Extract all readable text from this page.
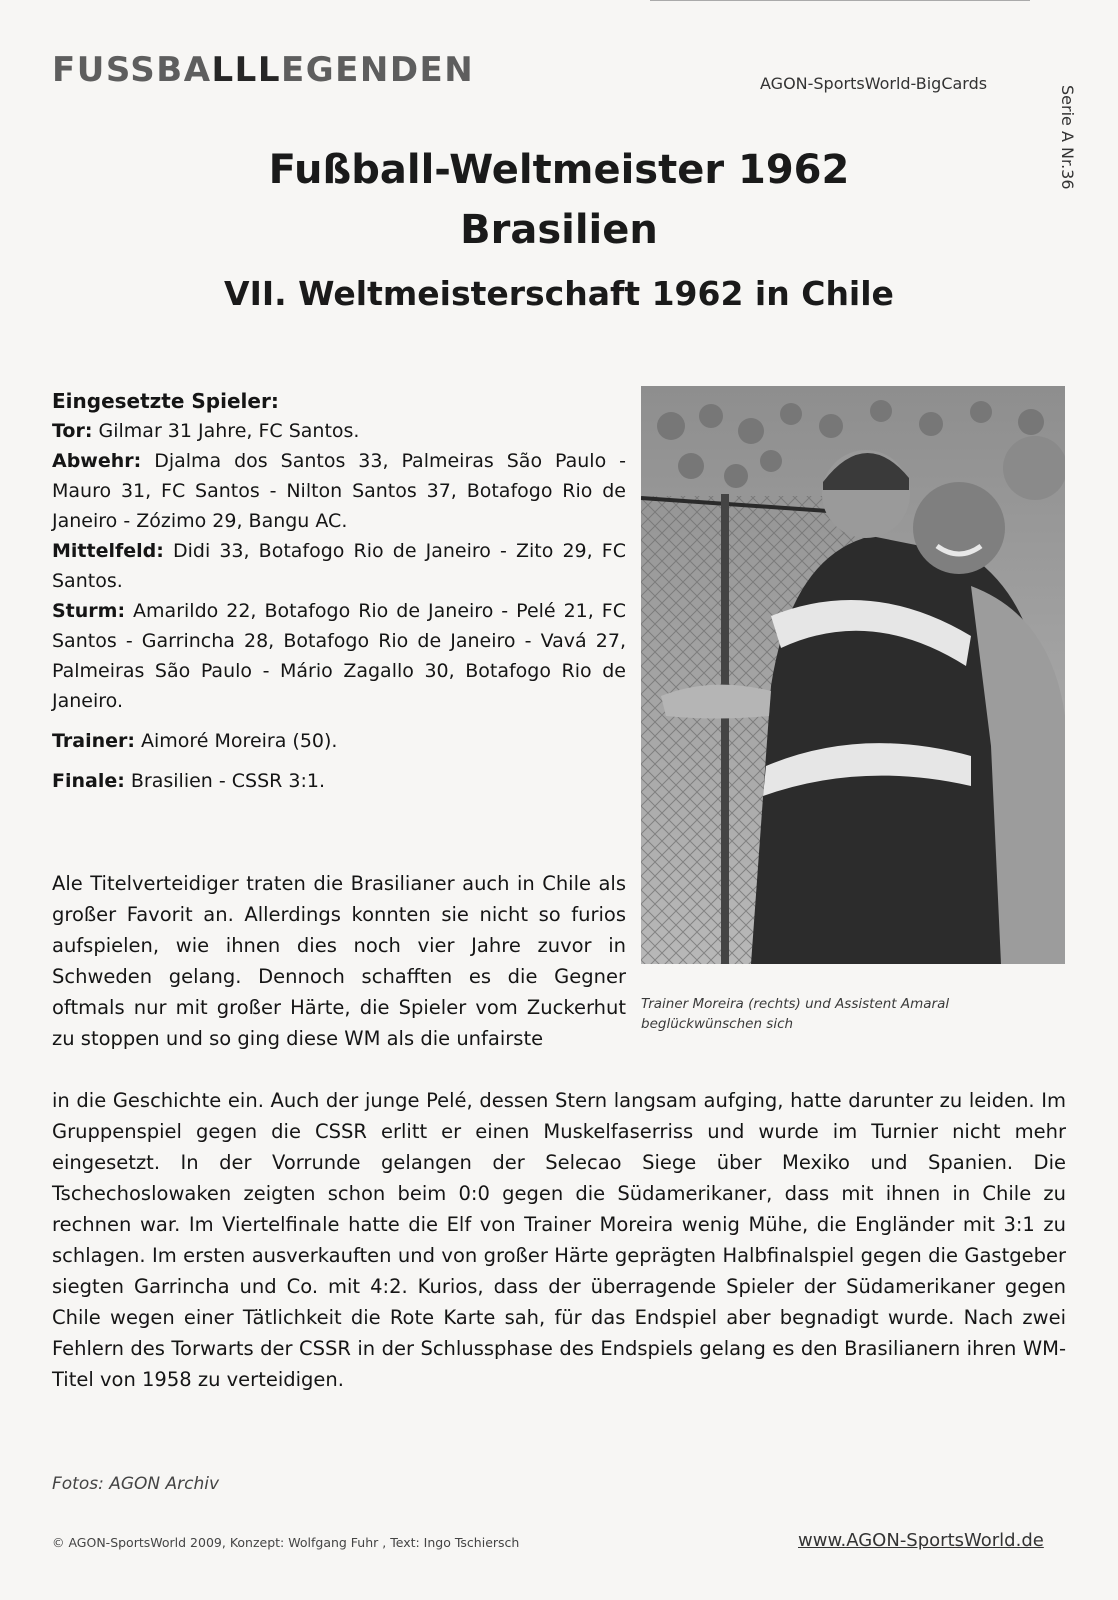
FUSSBALLLEGENDEN	AGON-SportsWorld-BigCards
Serie A Nr.36
Fußball-Weltmeister 1962
Brasilien
VII. Weltmeisterschaft 1962 in Chile

Eingesetzte Spieler:

Tor: Gilmar 31 Jahre, FC Santos.

Abwehr: Djalma dos Santos 33, Palmeiras São Paulo - Mauro 31, FC Santos - Nilton Santos 37, Botafogo Rio de Janeiro - Zózimo 29, Bangu AC.

Mittelfeld: Didi 33, Botafogo Rio de Janeiro - Zito 29, FC Santos.

Sturm: Amarildo 22, Botafogo Rio de Janeiro - Pelé 21, FC Santos - Garrincha 28, Botafogo Rio de Janeiro - Vavá 27, Palmeiras São Paulo - Mário Zagallo 30, Botafogo Rio de Janeiro.

Trainer: Aimoré Moreira (50).

Finale: Brasilien - CSSR 3:1.

Ale Titelverteidiger traten die Brasilianer auch in Chile als großer Favorit an. Allerdings konnten sie nicht so furios aufspielen, wie ihnen dies noch vier Jahre zuvor in Schweden gelang. Dennoch schafften es die Gegner oftmals nur mit großer Härte, die Spieler vom Zuckerhut zu stoppen und so ging diese WM als die unfairste

in die Geschichte ein. Auch der junge Pelé, dessen Stern langsam aufging, hatte darunter zu leiden. Im Gruppenspiel gegen die CSSR erlitt er einen Muskelfaserriss und wurde im Turnier nicht mehr eingesetzt. In der Vorrunde gelangen der Selecao Siege über Mexiko und Spanien. Die Tschechoslowaken zeigten schon beim 0:0 gegen die Südamerikaner, dass mit ihnen in Chile zu rechnen war. Im Viertelfinale hatte die Elf von Trainer Moreira wenig Mühe, die Engländer mit 3:1 zu schlagen. Im ersten ausverkauften und von großer Härte geprägten Halbfinalspiel gegen die Gastgeber siegten Garrincha und Co. mit 4:2. Kurios, dass der überragende Spieler der Südamerikaner gegen Chile wegen einer Tätlichkeit die Rote Karte sah, für das Endspiel aber begnadigt wurde. Nach zwei Fehlern des Torwarts der CSSR in der Schlussphase des Endspiels gelang es den Brasilianern ihren WM-Titel von 1958 zu verteidigen.

Trainer Moreira (rechts) und Assistent Amaral beglückwünschen sich

Fotos: AGON Archiv

© AGON-SportsWorld 2009, Konzept: Wolfgang Fuhr , Text: Ingo Tschiersch	www.AGON-SportsWorld.de
